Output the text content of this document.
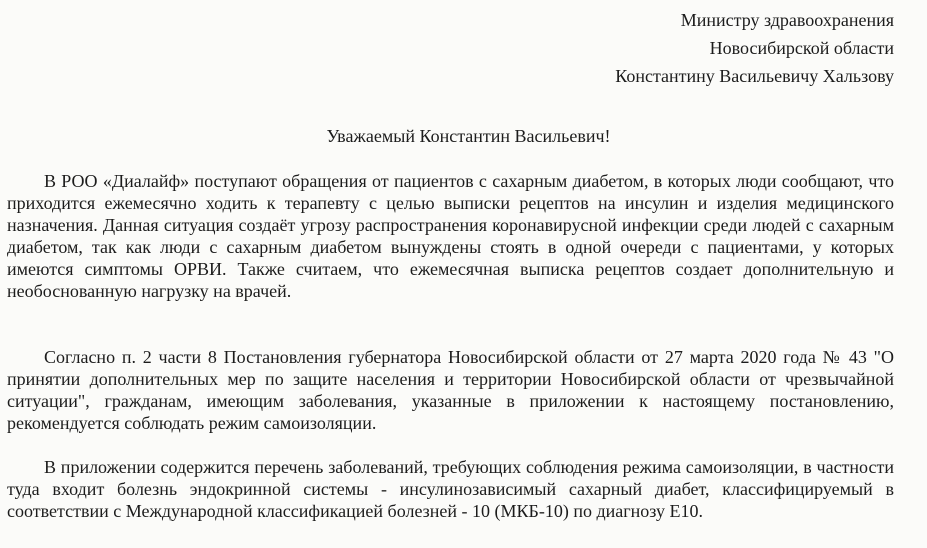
Министру здравоохранения
Новосибирской области
Константину Васильевичу Хальзову
Уважаемый Константин Васильевич!

В РОО «Диалайф» поступают обращения от пациентов с сахарным диабетом, в которых люди сообщают, что приходится ежемесячно ходить к терапевту с целью выписки рецептов на инсулин и изделия медицинского назначения. Данная ситуация создаёт угрозу распространения коронавирусной инфекции среди людей с сахарным диабетом, так как люди с сахарным диабетом вынуждены стоять в одной очереди с пациентами, у которых имеются симптомы ОРВИ. Также считаем, что ежемесячная выписка рецептов создает дополнительную и необоснованную нагрузку на врачей.

Согласно п. 2 части 8 Постановления губернатора Новосибирской области от 27 марта 2020 года № 43 "О принятии дополнительных мер по защите населения и территории Новосибирской области от чрезвычайной ситуации", гражданам, имеющим заболевания, указанные в приложении к настоящему постановлению, рекомендуется соблюдать режим самоизоляции.

В приложении содержится перечень заболеваний, требующих соблюдения режима самоизоляции, в частности туда входит болезнь эндокринной системы - инсулинозависимый сахарный диабет, классифицируемый в соответствии с Международной классификацией болезней - 10 (МКБ-10) по диагнозу Е10.
